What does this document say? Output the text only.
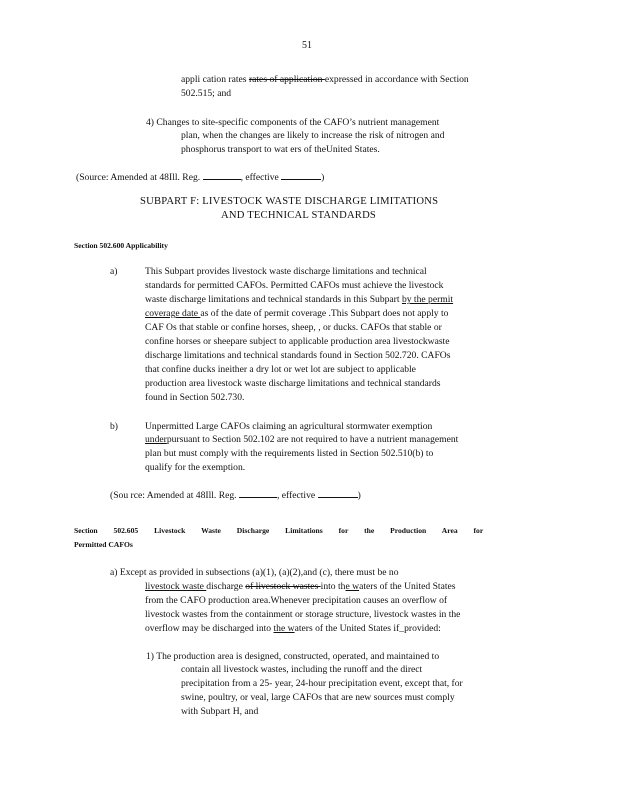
51
appli cation rates rates of application expressed in accordance with Section
502.515; and
4) Changes to site-specific components of the CAFO’s nutrient management
plan, when the changes are likely to increase the risk of nitrogen and
phosphorus transport to wat ers of theUnited States.
(Source: Amended at 48Ill. Reg.	, effective	)
SUBPART F: LIVESTOCK WASTE DISCHARGE LIMITATIONS
AND TECHNICAL STANDARDS
Section 502.600 Applicability
a)	This Subpart provides livestock waste discharge limitations and technical
standards for permitted CAFOs. Permitted CAFOs must achieve the livestock
waste discharge limitations and technical standards in this Subpart by the permit
coverage date as of the date of permit coverage .This Subpart does not apply to
CAF Os that stable or confine horses, sheep, , or ducks. CAFOs that stable or
confine horses or sheepare subject to applicable production area livestockwaste
discharge limitations and technical standards found in Section 502.720. CAFOs
that confine ducks ineither a dry lot or wet lot are subject to applicable
production area livestock waste discharge limitations and technical standards
found in Section 502.730.
b)	Unpermitted Large CAFOs claiming an agricultural stormwater exemption
underpursuant to Section 502.102 are not required to have a nutrient management
plan but must comply with the requirements listed in Section 502.510(b) to
qualify for the exemption.
(Sou rce: Amended at 48Ill. Reg.	, effective	)
Section 502.605 Livestock Waste Discharge Limitations for the Production Area for
Permitted CAFOs
a) Except as provided in subsections (a)(1), (a)(2),and (c), there must be no
livestock waste discharge of livestock wastes into the waters of the United States
from the CAFO production area.Whenever precipitation causes an overflow of
livestock wastes from the containment or storage structure, livestock wastes in the
overflow may be discharged into the waters of the United States if_provided:
1) The production area is designed, constructed, operated, and maintained to
contain all livestock wastes, including the runoff and the direct
precipitation from a 25- year, 24-hour precipitation event, except that, for
swine, poultry, or veal, large CAFOs that are new sources must comply
with Subpart H, and
